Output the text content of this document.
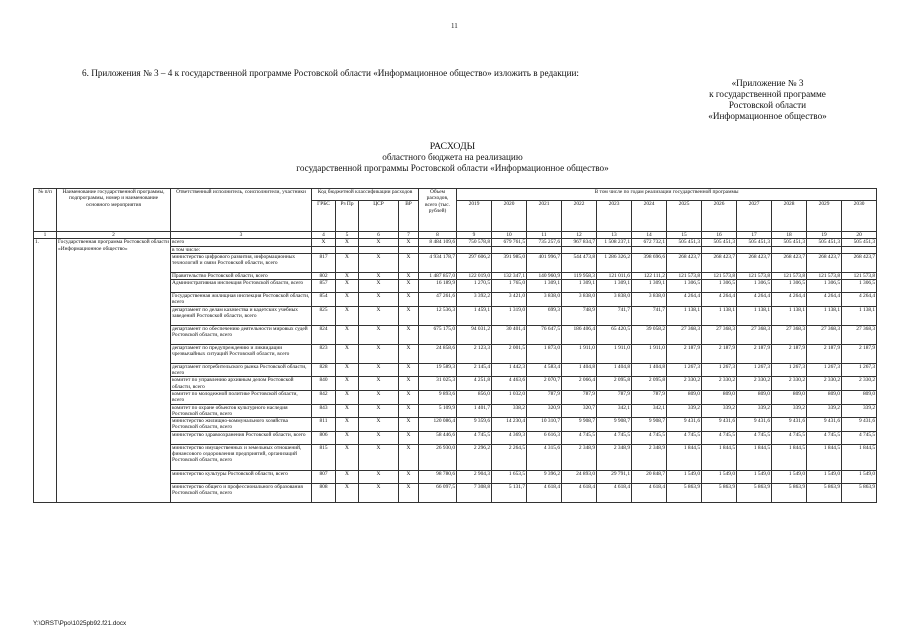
11
6. Приложения № 3 – 4 к государственной программе Ростовской области «Информационное общество» изложить в редакции:
«Приложение № 3
к государственной программе
Ростовской области
«Информационное общество»
РАСХОДЫ
областного бюджета на реализацию
государственной программы Ростовской области «Информационное общество»
№ п/п	Наименование государственной программы, подпрограммы, номер и наименование основного мероприятия	Ответственный исполнитель, соисполнители, участники	Код бюджетной классификации расходов				Объем расходов, всего (тыс. рублей)	В том числе по годам реализации государственной программы											
			ГРБС	Рз Пр	ЦСР	ВР		2019	2020	2021	2022	2023	2024	2025	2026	2027	2028	2029	2030
1	2	3	4	5	6	7	8	9	10	11	12	13	14	15	16	17	18	19	20
1.	Государственная программа Ростовской области «Информационное общество»	всего	X	X	X	X	8 484 109,6	750 578,8	679 761,5	735 257,6	967 834,7	1 508 237,1	672 732,1	505 451,3	505 451,3	505 451,3	505 451,3	505 451,3	505 451,3
		в том числе:																	
		министерство цифрового развития, информационных технологий и связи Ростовской области, всего	817	X	X	X	4 934 178,7	297 606,2	391 985,0	401 996,7	544 473,8	1 286 326,2	398 696,6	268 423,7	268 423,7	268 423,7	268 423,7	268 423,7	268 423,7
		Правительство Ростовской области, всего	802	X	X	X	1 487 857,0	122 019,0	132 347,1	140 960,9	119 958,3	121 011,6	122 111,2	121 573,8	121 573,8	121 573,8	121 573,8	121 573,8	121 573,8
		Административная инспекция Ростовской области, всего	857	X	X	X	16 189,9	1 270,5	1 765,0	1 309,1	1 309,1	1 309,1	1 309,1	1 306,5	1 306,5	1 306,5	1 306,5	1 306,5	1 306,5
		Государственная жилищная инспекция Ростовской области, всего	854	X	X	X	47 261,6	3 392,2	3 421,0	3 838,0	3 838,0	3 838,0	3 838,0	4 264,4	4 264,4	4 264,4	4 264,4	4 264,4	4 264,4
		департамент по делам казачества и кадетских учебных заведений Ростовской области, всего	825	X	X	X	12 536,3	1 459,1	1 319,0	699,3	748,9	741,7	741,7	1 138,1	1 138,1	1 138,1	1 138,1	1 138,1	1 138,1
		департамент по обеспечению деятельности мировых судей Ростовской области, всего	824	X	X	X	675 175,0	94 031,2	30 401,4	76 647,5	186 406,4	65 420,5	39 058,2	27 368,3	27 368,3	27 368,3	27 368,3	27 368,3	27 368,3
		департамент по предупреждению и ликвидации чрезвычайных ситуаций Ростовской области, всего	823	X	X	X	24 858,6	2 123,3	2 001,5	1 873,0	1 911,0	1 911,0	1 911,0	2 187,9	2 187,9	2 187,9	2 187,9	2 187,9	2 187,9
		департамент потребительского рынка Ростовской области, всего	828	X	X	X	19 589,3	2 145,4	1 442,3	4 583,4	1 404,8	1 404,8	1 404,8	1 267,3	1 267,3	1 267,3	1 267,3	1 267,3	1 267,3
		комитет по управлению архивным делом Ростовской области, всего	840	X	X	X	31 025,3	4 251,8	4 463,6	2 070,7	2 066,4	2 095,8	2 095,8	2 330,2	2 330,2	2 330,2	2 330,2	2 330,2	2 330,2
		комитет по молодежной политике Ростовской области, всего	842	X	X	X	9 893,6	856,0	1 032,0	787,9	787,9	787,9	787,9	809,0	809,0	809,0	809,0	809,0	809,0
		комитет по охране объектов культурного наследия Ростовской области, всего	843	X	X	X	5 109,9	1 401,7	338,2	320,9	320,7	342,1	342,1	339,2	339,2	339,2	339,2	339,2	339,2
		министерство жилищно-коммунального хозяйства Ростовской области, всего	811	X	X	X	120 086,4	9 359,6	14 230,4	10 310,7	9 908,7	9 908,7	9 908,7	9 431,6	9 431,6	9 431,6	9 431,6	9 431,6	9 431,6
		министерство здравоохранения Ростовской области, всего	806	X	X	X	58 446,6	4 745,5	4 369,3	6 616,3	4 745,5	4 745,5	4 745,5	4 745,5	4 745,5	4 745,5	4 745,5	4 745,5	4 745,5
		министерство имущественных и земельных отношений, финансового оздоровления предприятий, организаций Ростовской области, всего	815	X	X	X	26 930,0	2 296,2	2 264,5	4 315,6	2 348,9	2 348,9	2 348,9	1 844,5	1 844,5	1 844,5	1 844,5	1 844,5	1 844,5
		министерство культуры Ростовской области, всего	807	X	X	X	98 780,6	2 904,3	1 653,5	9 396,2	24 893,0	29 791,1	20 848,7	1 549,0	1 549,0	1 549,0	1 549,0	1 549,0	1 549,0
		министерство общего и профессионального образования Ростовской области, всего	808	X	X	X	66 097,5	7 308,8	5 131,7	4 618,4	4 618,4	4 618,4	4 618,4	5 863,9	5 863,9	5 863,9	5 863,9	5 863,9	5 863,9
Y:\ORST\Ppo\1025pb92.f21.docx
